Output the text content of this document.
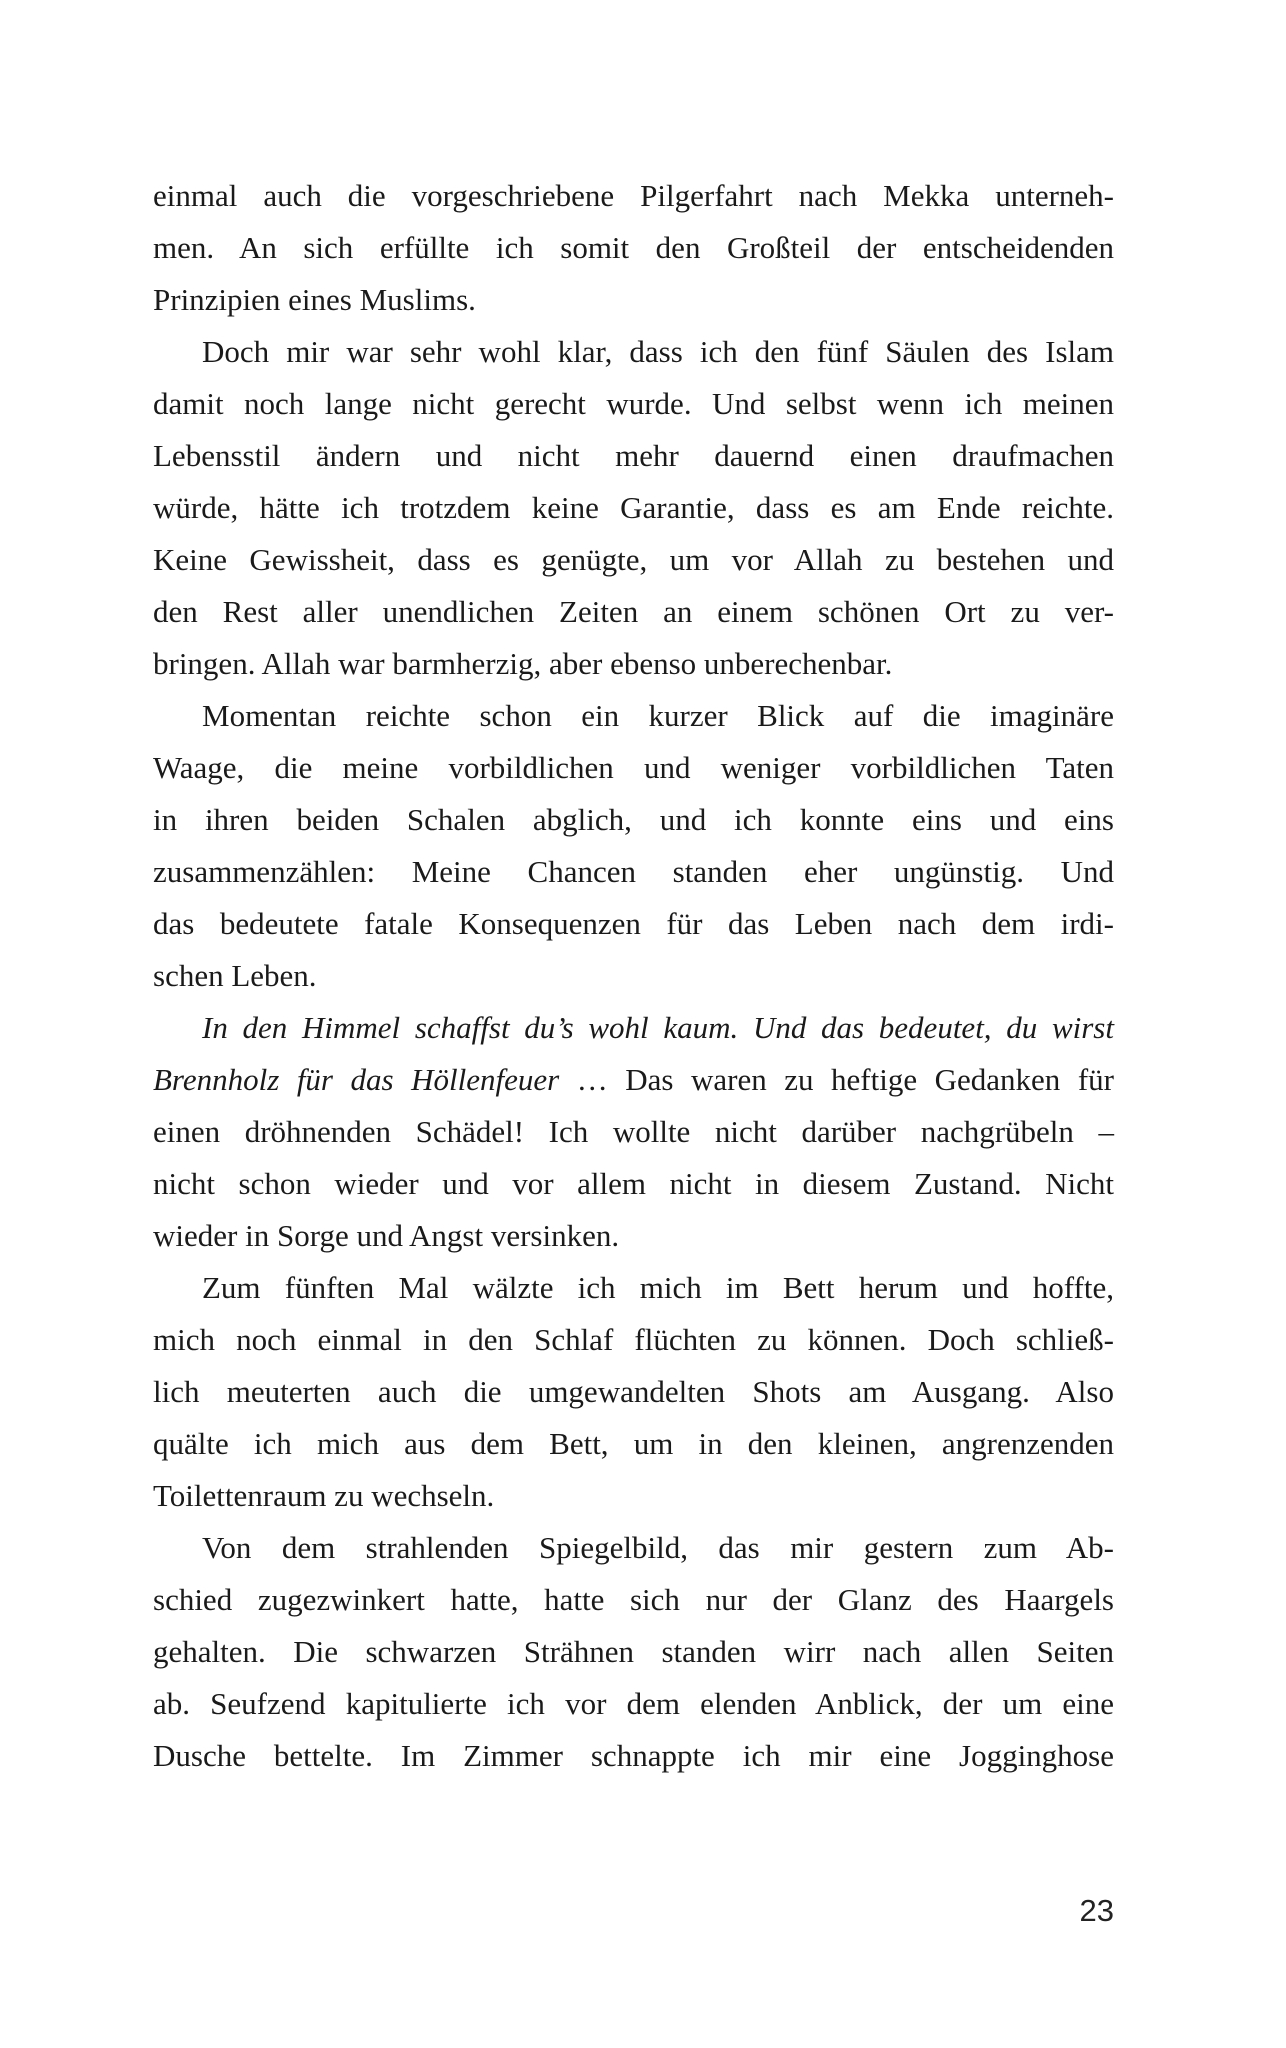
einmal auch die vorgeschriebene Pilgerfahrt nach Mekka unterneh-
men. An sich erfüllte ich somit den Großteil der entscheidenden
Prinzipien eines Muslims.
Doch mir war sehr wohl klar, dass ich den fünf Säulen des Islam
damit noch lange nicht gerecht wurde. Und selbst wenn ich meinen
Lebensstil ändern und nicht mehr dauernd einen draufmachen
würde, hätte ich trotzdem keine Garantie, dass es am Ende reichte.
Keine Gewissheit, dass es genügte, um vor Allah zu bestehen und
den Rest aller unendlichen Zeiten an einem schönen Ort zu ver-
bringen. Allah war barmherzig, aber ebenso unberechenbar.
Momentan reichte schon ein kurzer Blick auf die imaginäre
Waage, die meine vorbildlichen und weniger vorbildlichen Taten
in ihren beiden Schalen abglich, und ich konnte eins und eins
zusammenzählen: Meine Chancen standen eher ungünstig. Und
das bedeutete fatale Konsequenzen für das Leben nach dem irdi-
schen Leben.
In den Himmel schaffst du’s wohl kaum. Und das bedeutet, du wirst
Brennholz für das Höllenfeuer … Das waren zu heftige Gedanken für
einen dröhnenden Schädel! Ich wollte nicht darüber nachgrübeln –
nicht schon wieder und vor allem nicht in diesem Zustand. Nicht
wieder in Sorge und Angst versinken.
Zum fünften Mal wälzte ich mich im Bett herum und hoffte,
mich noch einmal in den Schlaf flüchten zu können. Doch schließ-
lich meuterten auch die umgewandelten Shots am Ausgang. Also
quälte ich mich aus dem Bett, um in den kleinen, angrenzenden
Toilettenraum zu wechseln.
Von dem strahlenden Spiegelbild, das mir gestern zum Ab-
schied zugezwinkert hatte, hatte sich nur der Glanz des Haargels
gehalten. Die schwarzen Strähnen standen wirr nach allen Seiten
ab. Seufzend kapitulierte ich vor dem elenden Anblick, der um eine
Dusche bettelte. Im Zimmer schnappte ich mir eine Jogginghose
23
